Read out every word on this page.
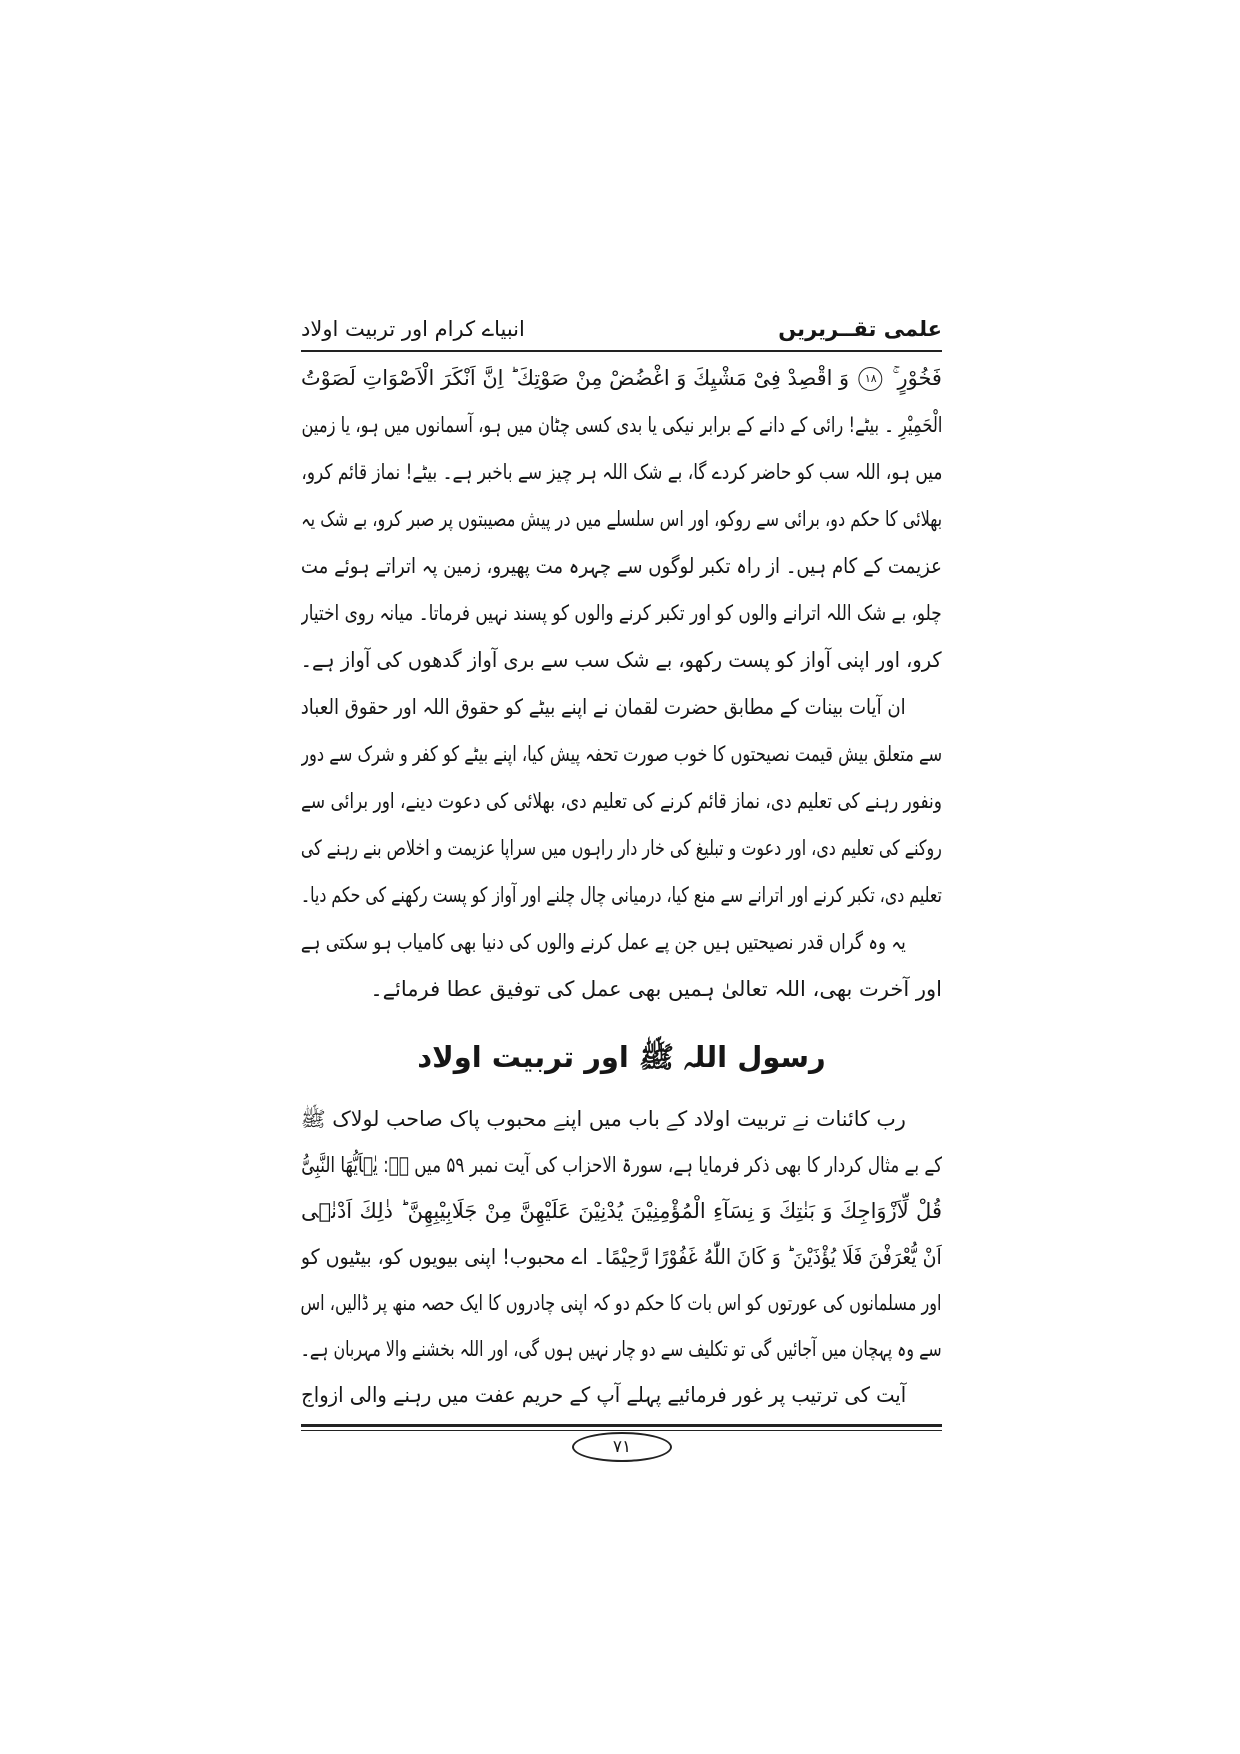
انبیاے کرام اور تربیت اولاد	علمی تقــریریں
فَخُوْرٍ ۚ ۱۸ وَ اقْصِدْ فِیْ مَشْیِكَ وَ اغْضُضْ مِنْ صَوْتِكَ ؕ اِنَّ اَنْكَرَ الْاَصْوَاتِ لَصَوْتُ
الْحَمِیْرِ ۔ بیٹے! رائی کے دانے کے برابر نیکی یا بدی کسی چٹان میں ہو، آسمانوں میں ہو، یا زمین
میں ہو، اللہ سب کو حاضر کردے گا، بے شک اللہ ہر چیز سے باخبر ہے۔ بیٹے! نماز قائم کرو،
بھلائی کا حکم دو، برائی سے روکو، اور اس سلسلے میں در پیش مصیبتوں پر صبر کرو، بے شک یہ
عزیمت کے کام ہیں۔ از راہ تکبر لوگوں سے چہرہ مت پھیرو، زمین پہ اتراتے ہوئے مت
چلو، بے شک اللہ اترانے والوں کو اور تکبر کرنے والوں کو پسند نہیں فرماتا۔ میانہ روی اختیار
کرو، اور اپنی آواز کو پست رکھو، بے شک سب سے بری آواز گدھوں کی آواز ہے۔
ان آیات بینات کے مطابق حضرت لقمان نے اپنے بیٹے کو حقوق اللہ اور حقوق العباد
سے متعلق بیش قیمت نصیحتوں کا خوب صورت تحفہ پیش کیا، اپنے بیٹے کو کفر و شرک سے دور
ونفور رہنے کی تعلیم دی، نماز قائم کرنے کی تعلیم دی، بھلائی کی دعوت دینے، اور برائی سے
روکنے کی تعلیم دی، اور دعوت و تبلیغ کی خار دار راہوں میں سراپا عزیمت و اخلاص بنے رہنے کی
تعلیم دی، تکبر کرنے اور اترانے سے منع کیا، درمیانی چال چلنے اور آواز کو پست رکھنے کی حکم دیا۔
یہ وہ گراں قدر نصیحتیں ہیں جن پے عمل کرنے والوں کی دنیا بھی کامیاب ہو سکتی ہے
اور آخرت بھی، اللہ تعالیٰ ہمیں بھی عمل کی توفیق عطا فرمائے۔
رسول اللہ ﷺ اور تربیت اولاد
رب کائنات نے تربیت اولاد کے باب میں اپنے محبوب پاک صاحب لولاک ﷺ
کے بے مثال کردار کا بھی ذکر فرمایا ہے، سورۃ الاحزاب کی آیت نمبر ۵۹ میں ہے: یٰۤاَیُّهَا النَّبِیُّ
قُلْ لِّاَزْوَاجِكَ وَ بَنٰتِكَ وَ نِسَآءِ الْمُؤْمِنِیْنَ یُدْنِیْنَ عَلَیْهِنَّ مِنْ جَلَابِیْبِهِنَّ ؕ ذٰلِكَ اَدْنٰۤی
اَنْ یُّعْرَفْنَ فَلَا یُؤْذَیْنَ ؕ وَ كَانَ اللّٰهُ غَفُوْرًا رَّحِیْمًا۔ اے محبوب! اپنی بیویوں کو، بیٹیوں کو
اور مسلمانوں کی عورتوں کو اس بات کا حکم دو کہ اپنی چادروں کا ایک حصہ منھ پر ڈالیں، اس
سے وہ پہچان میں آجائیں گی تو تکلیف سے دو چار نہیں ہوں گی، اور اللہ بخشنے والا مہربان ہے۔
آیت کی ترتیب پر غور فرمائیے پہلے آپ کے حریم عفت میں رہنے والی ازواج
۷۱
